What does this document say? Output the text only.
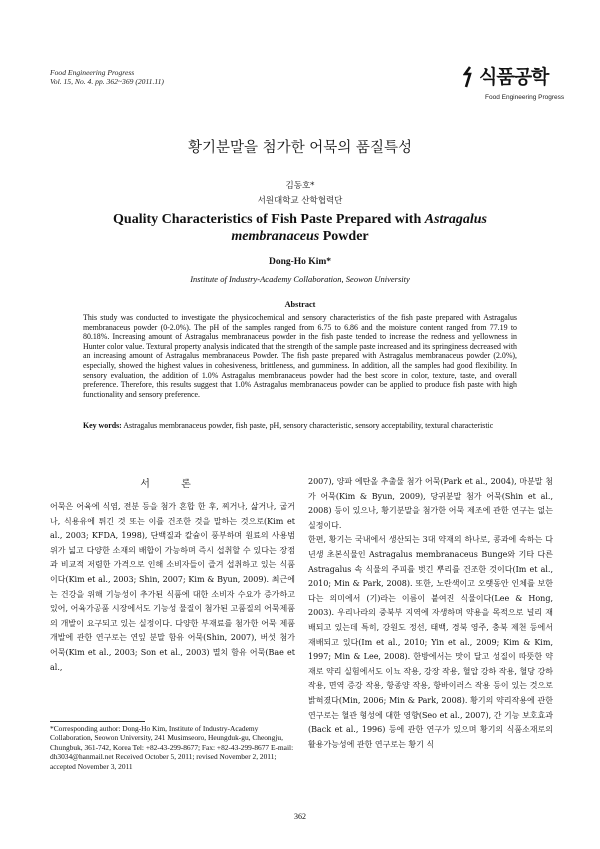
Food Engineering Progress
Vol. 15, No. 4. pp. 362~369 (2011.11)	식품공학
Food Engineering Progress
황기분말을 첨가한 어묵의 품질특성
김동호*
서원대학교 산학협력단
Quality Characteristics of Fish Paste Prepared with Astragalus
membranaceus Powder
Dong-Ho Kim*
Institute of Industry-Academy Collaboration, Seowon University
Abstract

This study was conducted to investigate the physicochemical and sensory characteristics of the fish paste prepared with Astragalus membranaceus powder (0-2.0%). The pH of the samples ranged from 6.75 to 6.86 and the moisture content ranged from 77.19 to 80.18%. Increasing amount of Astragalus membranaceus powder in the fish paste tended to increase the redness and yellowness in Hunter color value. Textural property analysis indicated that the strength of the sample paste increased and its springiness decreased with an increasing amount of Astragalus membranaceus Powder. The fish paste prepared with Astragalus membranaceus powder (2.0%), especially, showed the highest values in cohesiveness, brittleness, and gumminess. In addition, all the samples had good flexibility. In sensory evaluation, the addition of 1.0% Astragalus membranaceus powder had the best score in color, texture, taste, and overall preference. Therefore, this results suggest that 1.0% Astragalus membranaceus powder can be applied to produce fish paste with high functionality and sensory preference.

Key words: Astragalus membranaceus powder, fish paste, pH, sensory characteristic, sensory acceptability, textural characteristic

서 론

어묵은 어육에 식염, 전분 등을 첨가 혼합 한 후, 찌거나, 삶거나, 굽거나, 식용유에 튀긴 것 또는 이를 건조한 것을 말하는 것으로(Kim et al., 2003; KFDA, 1998), 단백질과 칼슘이 풍부하며 원료의 사용범위가 넓고 다양한 소재의 배합이 가능하며 즉시 섭취할 수 있다는 장점과 비교적 저렴한 가격으로 인해 소비자들이 즐겨 섭취하고 있는 식품이다(Kim et al., 2003; Shin, 2007; Kim & Byun, 2009). 최근에는 건강을 위해 기능성이 추가된 식품에 대한 소비자 수요가 증가하고 있어, 어육가공품 시장에서도 기능성 물질이 첨가된 고품질의 어묵제품의 개발이 요구되고 있는 실정이다. 다양한 부재료를 첨가한 어묵 제품 개발에 관한 연구로는 연잎 분말 함유 어묵(Shin, 2007), 버섯 첨가 어묵(Kim et al., 2003; Son et al., 2003) 멸치 함유 어묵(Bae et al.,

2007), 양파 에탄올 추출물 첨가 어묵(Park et al., 2004), 마분말 첨가 어묵(Kim & Byun, 2009), 당귀분말 첨가 어묵(Shin et al., 2008) 등이 있으나, 황기분말을 첨가한 어묵 제조에 관한 연구는 없는 실정이다.

한편, 황기는 국내에서 생산되는 3대 약재의 하나로, 콩과에 속하는 다년생 초본식물인 Astragalus membranaceus Bunge와 기타 다른 Astragalus 속 식물의 주피를 벗긴 뿌리를 건조한 것이다(Im et al., 2010; Min & Park, 2008). 또한, 노란색이고 오랫동안 인체를 보한다는 의미에서 (기)라는 이름이 붙여진 식물이다(Lee & Hong, 2003). 우리나라의 중북부 지역에 자생하며 약용을 목적으로 널리 재배되고 있는데 특히, 강원도 정선, 태백, 경북 영주, 충북 제천 등에서 재배되고 있다(Im et al., 2010; Yin et al., 2009; Kim & Kim, 1997; Min & Lee, 2008). 한방에서는 맛이 달고 성질이 따뜻한 약재로 약리 실험에서도 이뇨 작용, 강장 작용, 혈압 강하 작용, 혈당 강하 작용, 면역 증강 작용, 항종양 작용, 항바이러스 작용 등이 있는 것으로 밝혀졌다(Min, 2006; Min & Park, 2008). 황기의 약리작용에 관한 연구로는 혈관 형성에 대한 영향(Seo et al., 2007), 간 기능 보호효과(Back et al., 1996) 등에 관한 연구가 있으며 황기의 식품소재로의 활용가능성에 관한 연구로는 황기 식

*Corresponding author: Dong-Ho Kim, Institute of Industry-Academy Collaboration, Seowon University, 241 Musimseoro, Heungduk-gu, Cheongju, Chungbuk, 361-742, Korea Tel: +82-43-299-8677; Fax: +82-43-299-8677 E-mail: dh3034@hanmail.net Received October 5, 2011; revised November 2, 2011; accepted November 3, 2011

362
